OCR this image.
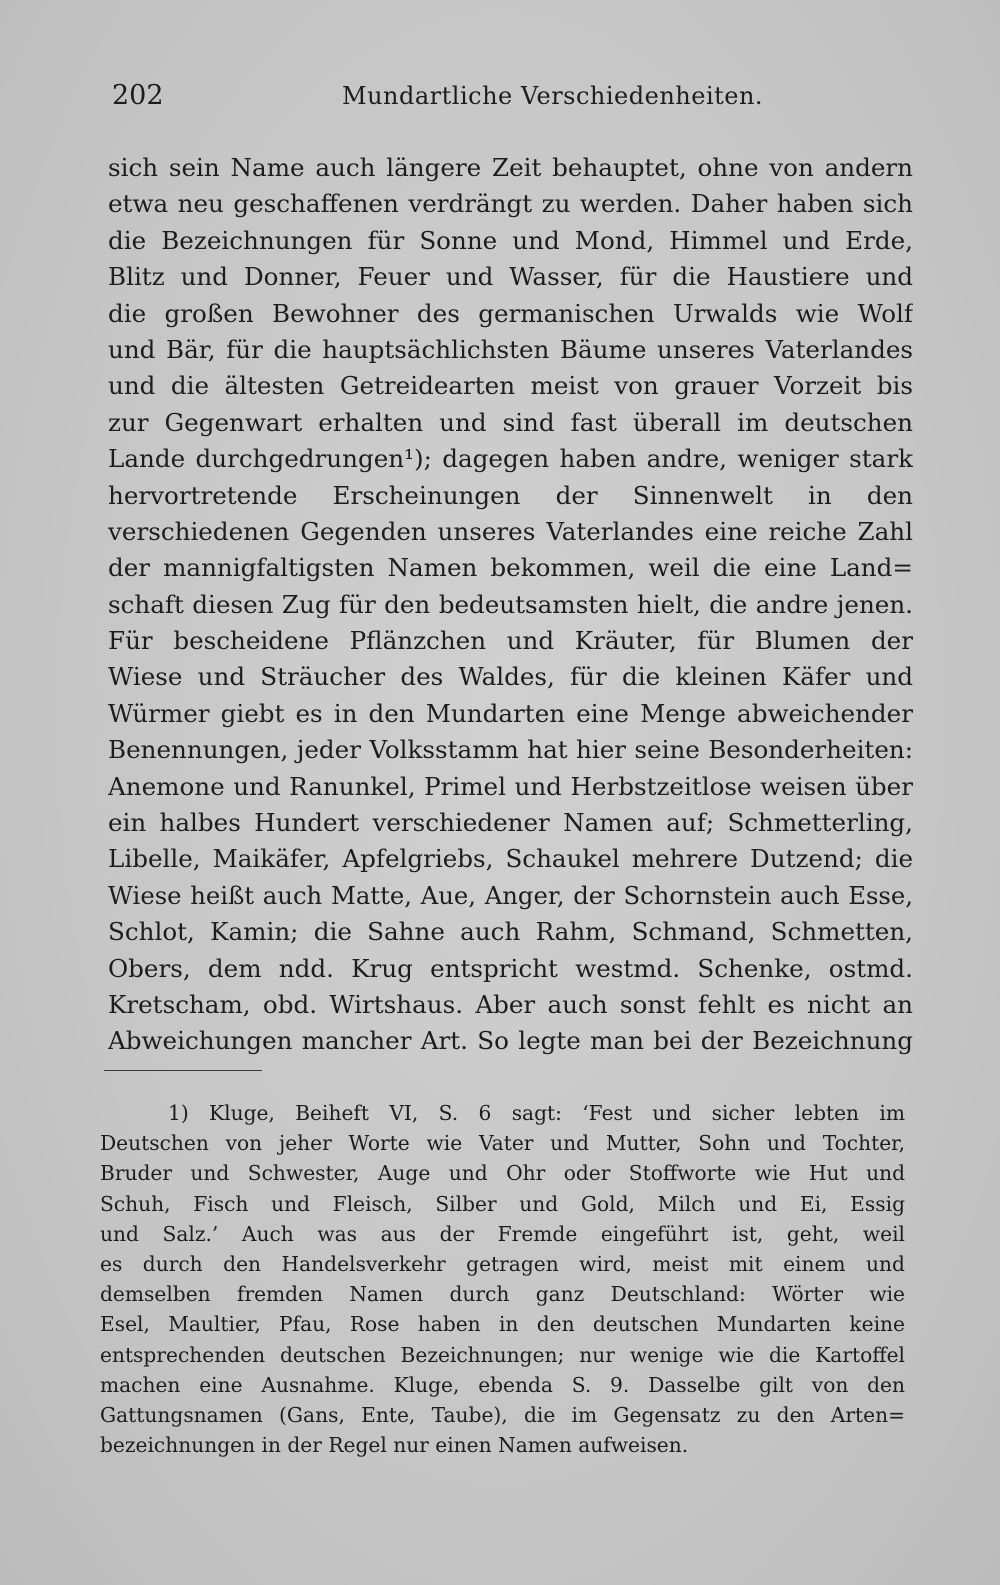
202	Mundartliche Verschiedenheiten.
sich sein Name auch längere Zeit behauptet, ohne von andern
etwa neu geschaffenen verdrängt zu werden. Daher haben sich
die Bezeichnungen für Sonne und Mond, Himmel und Erde,
Blitz und Donner, Feuer und Wasser, für die Haustiere und
die großen Bewohner des germanischen Urwalds wie Wolf
und Bär, für die hauptsächlichsten Bäume unseres Vaterlandes
und die ältesten Getreidearten meist von grauer Vorzeit bis
zur Gegenwart erhalten und sind fast überall im deutschen
Lande durchgedrungen¹); dagegen haben andre, weniger stark
hervortretende Erscheinungen der Sinnenwelt in den
verschiedenen Gegenden unseres Vaterlandes eine reiche Zahl
der mannigfaltigsten Namen bekommen, weil die eine Land=
schaft diesen Zug für den bedeutsamsten hielt, die andre jenen.
Für bescheidene Pflänzchen und Kräuter, für Blumen der
Wiese und Sträucher des Waldes, für die kleinen Käfer und
Würmer giebt es in den Mundarten eine Menge abweichender
Benennungen, jeder Volksstamm hat hier seine Besonderheiten:
Anemone und Ranunkel, Primel und Herbstzeitlose weisen über
ein halbes Hundert verschiedener Namen auf; Schmetterling,
Libelle, Maikäfer, Apfelgriebs, Schaukel mehrere Dutzend; die
Wiese heißt auch Matte, Aue, Anger, der Schornstein auch Esse,
Schlot, Kamin; die Sahne auch Rahm, Schmand, Schmetten,
Obers, dem ndd. Krug entspricht westmd. Schenke, ostmd.
Kretscham, obd. Wirtshaus. Aber auch sonst fehlt es nicht an
Abweichungen mancher Art. So legte man bei der Bezeichnung
1) Kluge, Beiheft VI, S. 6 sagt: ‘Fest und sicher lebten im
Deutschen von jeher Worte wie Vater und Mutter, Sohn und Tochter,
Bruder und Schwester, Auge und Ohr oder Stoffworte wie Hut und
Schuh, Fisch und Fleisch, Silber und Gold, Milch und Ei, Essig
und Salz.’ Auch was aus der Fremde eingeführt ist, geht, weil
es durch den Handelsverkehr getragen wird, meist mit einem und
demselben fremden Namen durch ganz Deutschland: Wörter wie
Esel, Maultier, Pfau, Rose haben in den deutschen Mundarten keine
entsprechenden deutschen Bezeichnungen; nur wenige wie die Kartoffel
machen eine Ausnahme. Kluge, ebenda S. 9. Dasselbe gilt von den
Gattungsnamen (Gans, Ente, Taube), die im Gegensatz zu den Arten=
bezeichnungen in der Regel nur einen Namen aufweisen.
